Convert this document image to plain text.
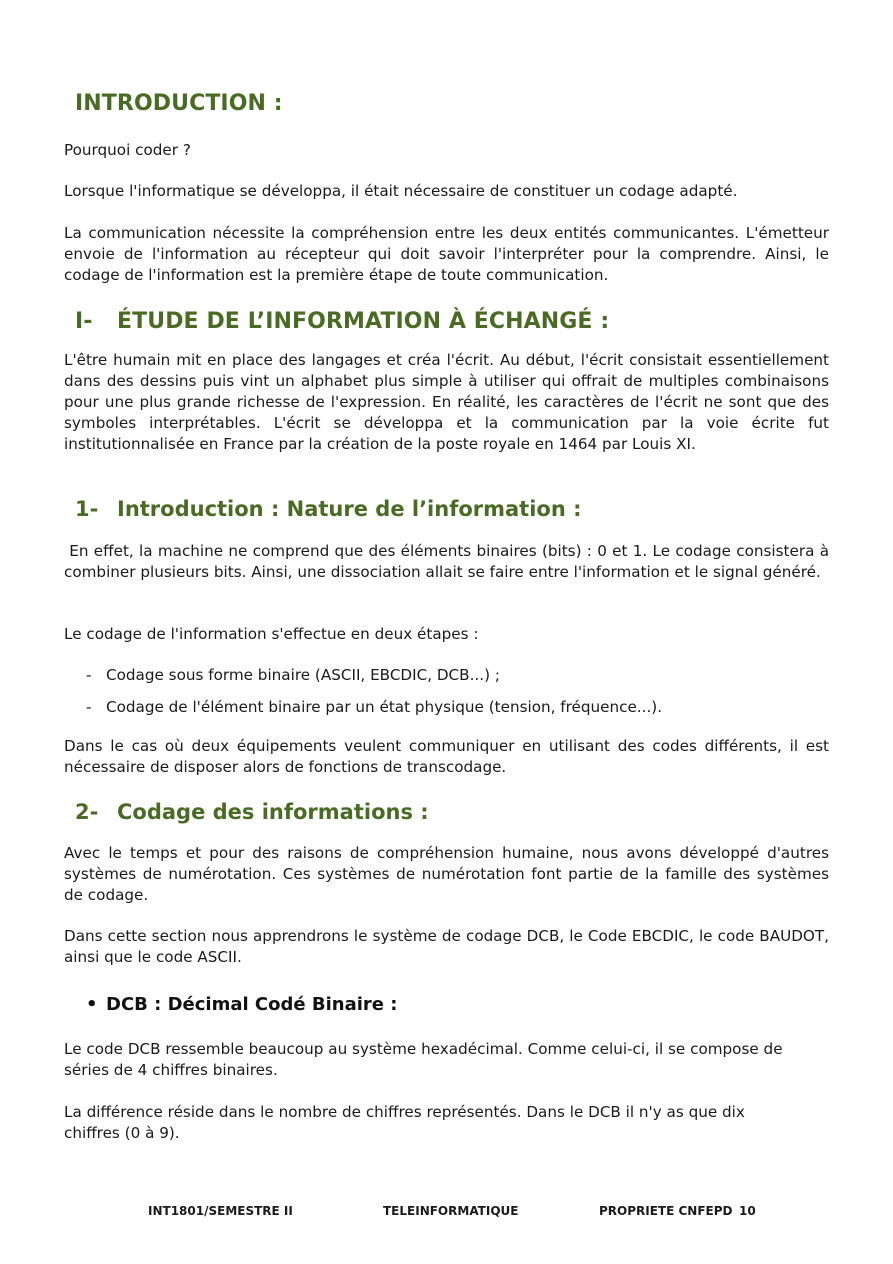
INTRODUCTION :

Pourquoi coder ?

Lorsque l'informatique se développa, il était nécessaire de constituer un codage adapté.

La communication nécessite la compréhension entre les deux entités communicantes. L'émetteur envoie de l'information au récepteur qui doit savoir l'interpréter pour la comprendre. Ainsi, le codage de l'information est la première étape de toute communication.

I- ÉTUDE DE L’INFORMATION À ÉCHANGÉ :

L'être humain mit en place des langages et créa l'écrit. Au début, l'écrit consistait essentiellement dans des dessins puis vint un alphabet plus simple à utiliser qui offrait de multiples combinaisons pour une plus grande richesse de l'expression. En réalité, les caractères de l'écrit ne sont que des symboles interprétables. L'écrit se développa et la communication par la voie écrite fut institutionnalisée en France par la création de la poste royale en 1464 par Louis XI.

1- Introduction : Nature de l’information :

En effet, la machine ne comprend que des éléments binaires (bits) : 0 et 1. Le codage consistera à combiner plusieurs bits. Ainsi, une dissociation allait se faire entre l'information et le signal généré.

Le codage de l'information s'effectue en deux étapes :

- Codage sous forme binaire (ASCII, EBCDIC, DCB...) ;
- Codage de l'élément binaire par un état physique (tension, fréquence...).

Dans le cas où deux équipements veulent communiquer en utilisant des codes différents, il est nécessaire de disposer alors de fonctions de transcodage.

2- Codage des informations :

Avec le temps et pour des raisons de compréhension humaine, nous avons développé d'autres systèmes de numérotation. Ces systèmes de numérotation font partie de la famille des systèmes de codage.

Dans cette section nous apprendrons le système de codage DCB, le Code EBCDIC, le code BAUDOT, ainsi que le code ASCII.

• DCB : Décimal Codé Binaire :

Le code DCB ressemble beaucoup au système hexadécimal. Comme celui-ci, il se compose de séries de 4 chiffres binaires.

La différence réside dans le nombre de chiffres représentés. Dans le DCB il n'y as que dix chiffres (0 à 9).

INT1801/SEMESTRE II	TELEINFORMATIQUE	PROPRIETE CNFEPD 10
